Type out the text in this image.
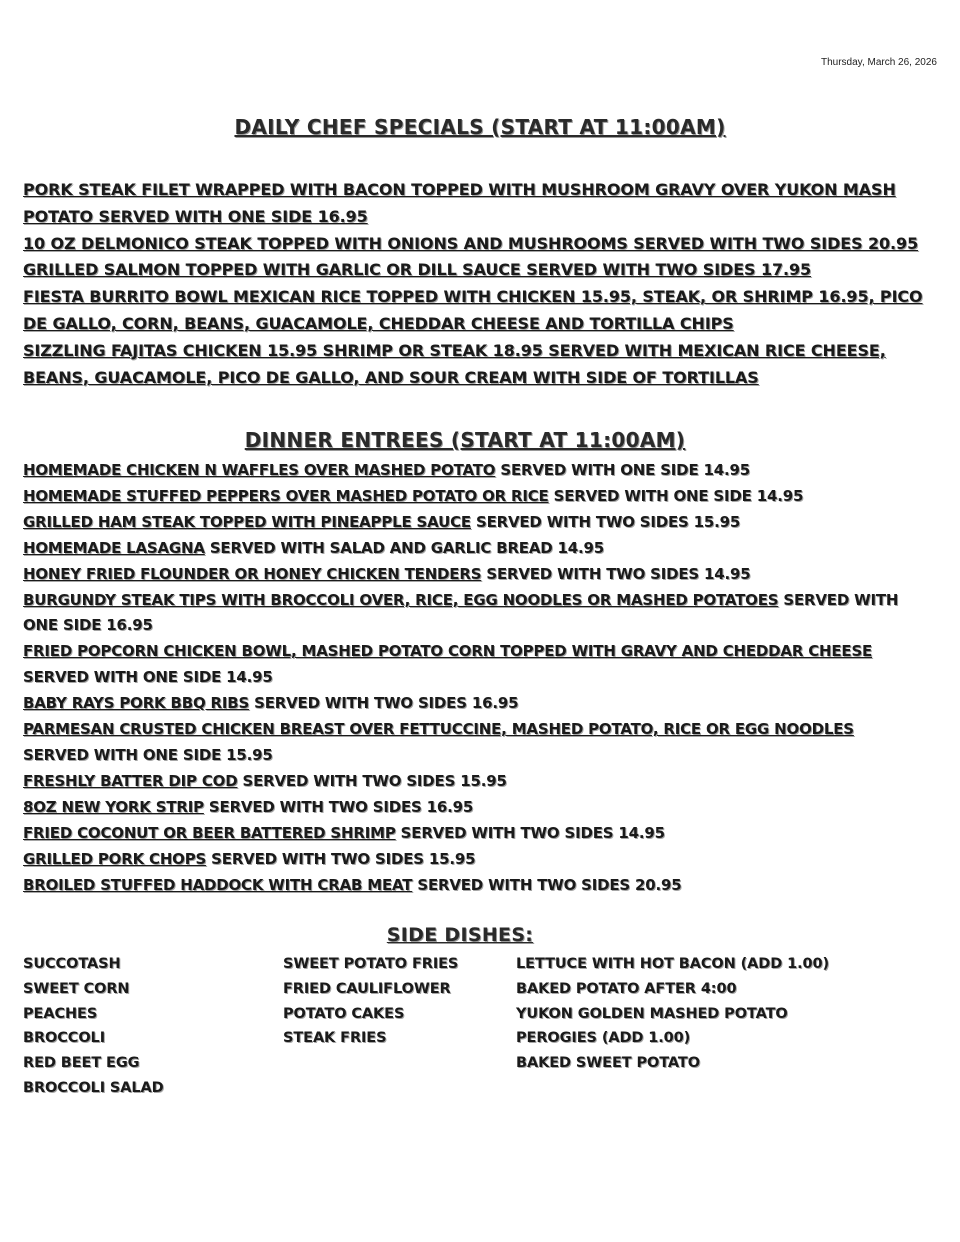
Thursday, March 26, 2026
DAILY CHEF SPECIALS (START AT 11:00AM)

PORK STEAK FILET WRAPPED WITH BACON TOPPED WITH MUSHROOM GRAVY OVER YUKON MASH POTATO SERVED WITH ONE SIDE 16.95

10 OZ DELMONICO STEAK TOPPED WITH ONIONS AND MUSHROOMS SERVED WITH TWO SIDES 20.95

GRILLED SALMON TOPPED WITH GARLIC OR DILL SAUCE SERVED WITH TWO SIDES 17.95

FIESTA BURRITO BOWL MEXICAN RICE TOPPED WITH CHICKEN 15.95, STEAK, OR SHRIMP 16.95, PICO DE GALLO, CORN, BEANS, GUACAMOLE, CHEDDAR CHEESE AND TORTILLA CHIPS

SIZZLING FAJITAS CHICKEN 15.95 SHRIMP OR STEAK 18.95 SERVED WITH MEXICAN RICE CHEESE, BEANS, GUACAMOLE, PICO DE GALLO, AND SOUR CREAM WITH SIDE OF TORTILLAS

DINNER ENTREES (START AT 11:00AM)

HOMEMADE CHICKEN N WAFFLES OVER MASHED POTATO SERVED WITH ONE SIDE 14.95

HOMEMADE STUFFED PEPPERS OVER MASHED POTATO OR RICE SERVED WITH ONE SIDE 14.95

GRILLED HAM STEAK TOPPED WITH PINEAPPLE SAUCE SERVED WITH TWO SIDES 15.95

HOMEMADE LASAGNA SERVED WITH SALAD AND GARLIC BREAD 14.95

HONEY FRIED FLOUNDER OR HONEY CHICKEN TENDERS SERVED WITH TWO SIDES 14.95

BURGUNDY STEAK TIPS WITH BROCCOLI OVER, RICE, EGG NOODLES OR MASHED POTATOES SERVED WITH ONE SIDE 16.95

FRIED POPCORN CHICKEN BOWL, MASHED POTATO CORN TOPPED WITH GRAVY AND CHEDDAR CHEESE SERVED WITH ONE SIDE 14.95

BABY RAYS PORK BBQ RIBS SERVED WITH TWO SIDES 16.95

PARMESAN CRUSTED CHICKEN BREAST OVER FETTUCCINE, MASHED POTATO, RICE OR EGG NOODLES SERVED WITH ONE SIDE 15.95

FRESHLY BATTER DIP COD SERVED WITH TWO SIDES 15.95

8OZ NEW YORK STRIP SERVED WITH TWO SIDES 16.95

FRIED COCONUT OR BEER BATTERED SHRIMP SERVED WITH TWO SIDES 14.95

GRILLED PORK CHOPS SERVED WITH TWO SIDES 15.95

BROILED STUFFED HADDOCK WITH CRAB MEAT SERVED WITH TWO SIDES 20.95

SIDE DISHES:
SUCCOTASH
SWEET CORN
PEACHES
BROCCOLI
RED BEET EGG
BROCCOLI SALAD
SWEET POTATO FRIES
FRIED CAULIFLOWER
POTATO CAKES
STEAK FRIES
LETTUCE WITH HOT BACON (ADD 1.00)
BAKED POTATO AFTER 4:00
YUKON GOLDEN MASHED POTATO
PEROGIES (ADD 1.00)
BAKED SWEET POTATO
